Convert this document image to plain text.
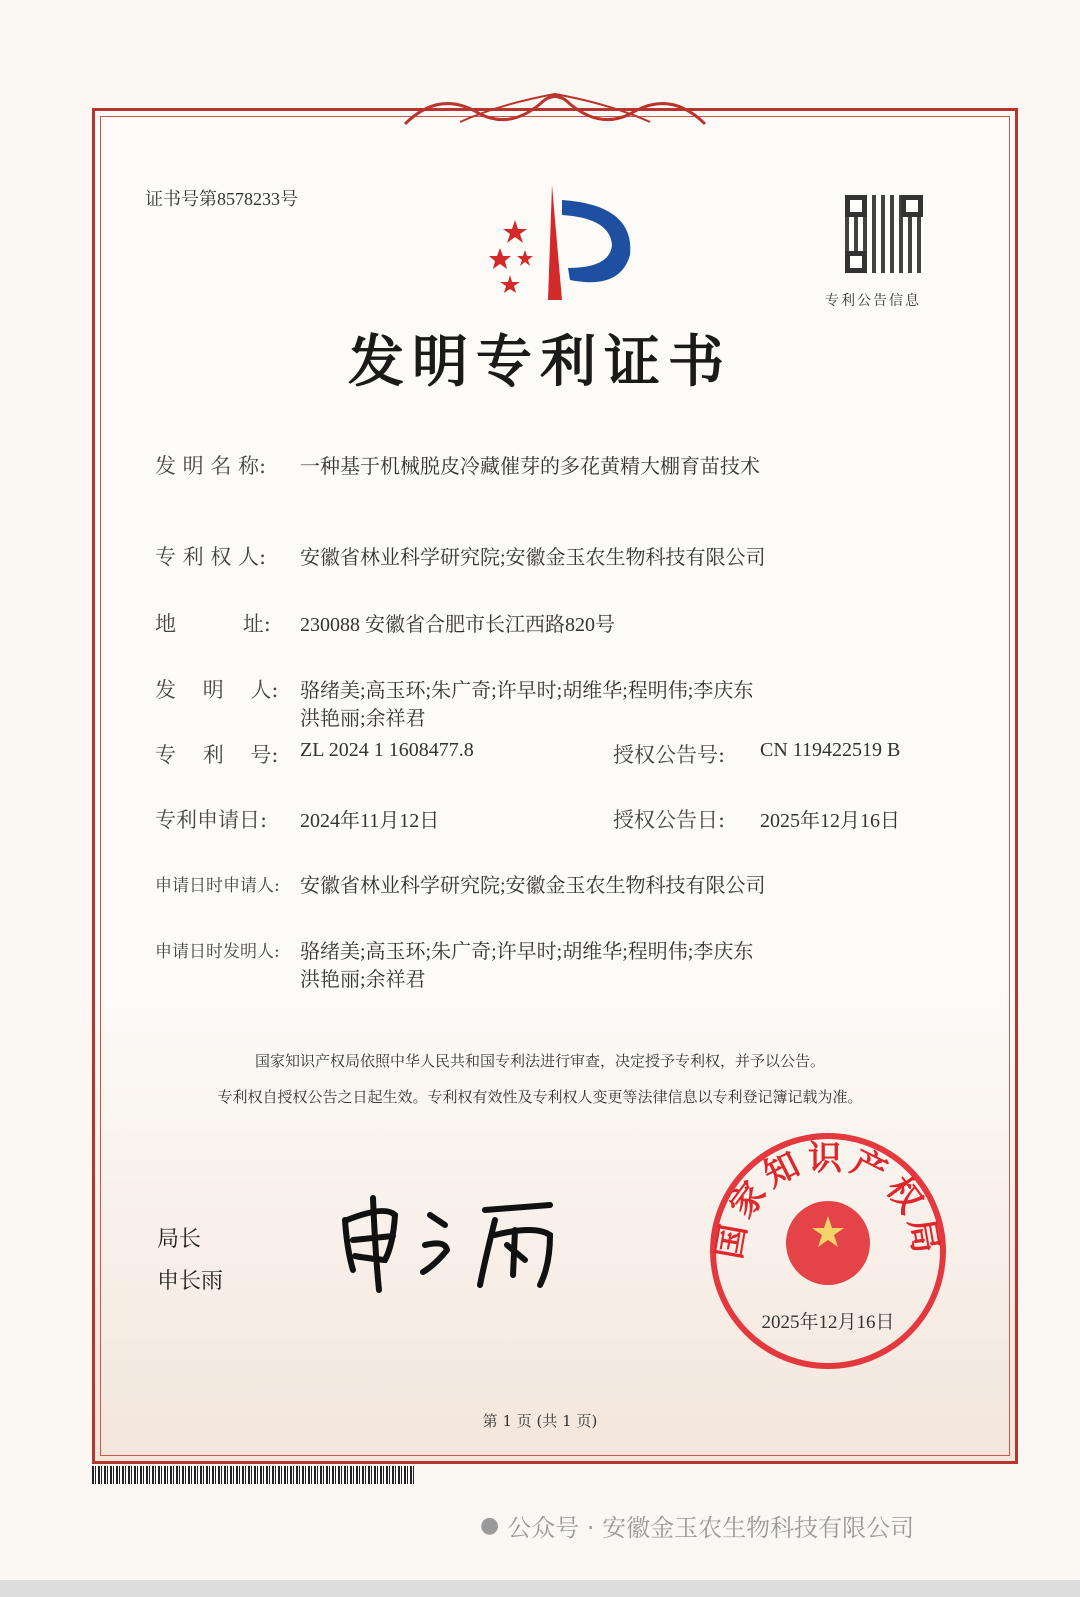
证书号第8578233号
专利公告信息
发明专利证书
发 明 名 称: 一种基于机械脱皮冷藏催芽的多花黄精大棚育苗技术
专 利 权 人: 安徽省林业科学研究院;安徽金玉农生物科技有限公司
地          址: 230088 安徽省合肥市长江西路820号
发    明    人: 骆绪美;高玉环;朱广奇;许早时;胡维华;程明伟;李庆东
洪艳丽;余祥君
专    利    号: ZL 2024 1 1608477.8	授权公告号: CN 119422519 B
专利申请日: 2024年11月12日	授权公告日: 2025年12月16日
申请日时申请人: 安徽省林业科学研究院;安徽金玉农生物科技有限公司
申请日时发明人: 骆绪美;高玉环;朱广奇;许早时;胡维华;程明伟;李庆东
洪艳丽;余祥君
国家知识产权局依照中华人民共和国专利法进行审查，决定授予专利权，并予以公告。
专利权自授权公告之日起生效。专利权有效性及专利权人变更等法律信息以专利登记簿记载为准。
局长
申长雨
国家知识产权局
2025年12月16日
第 1 页 (共 1 页)
● 公众号 · 安徽金玉农生物科技有限公司
